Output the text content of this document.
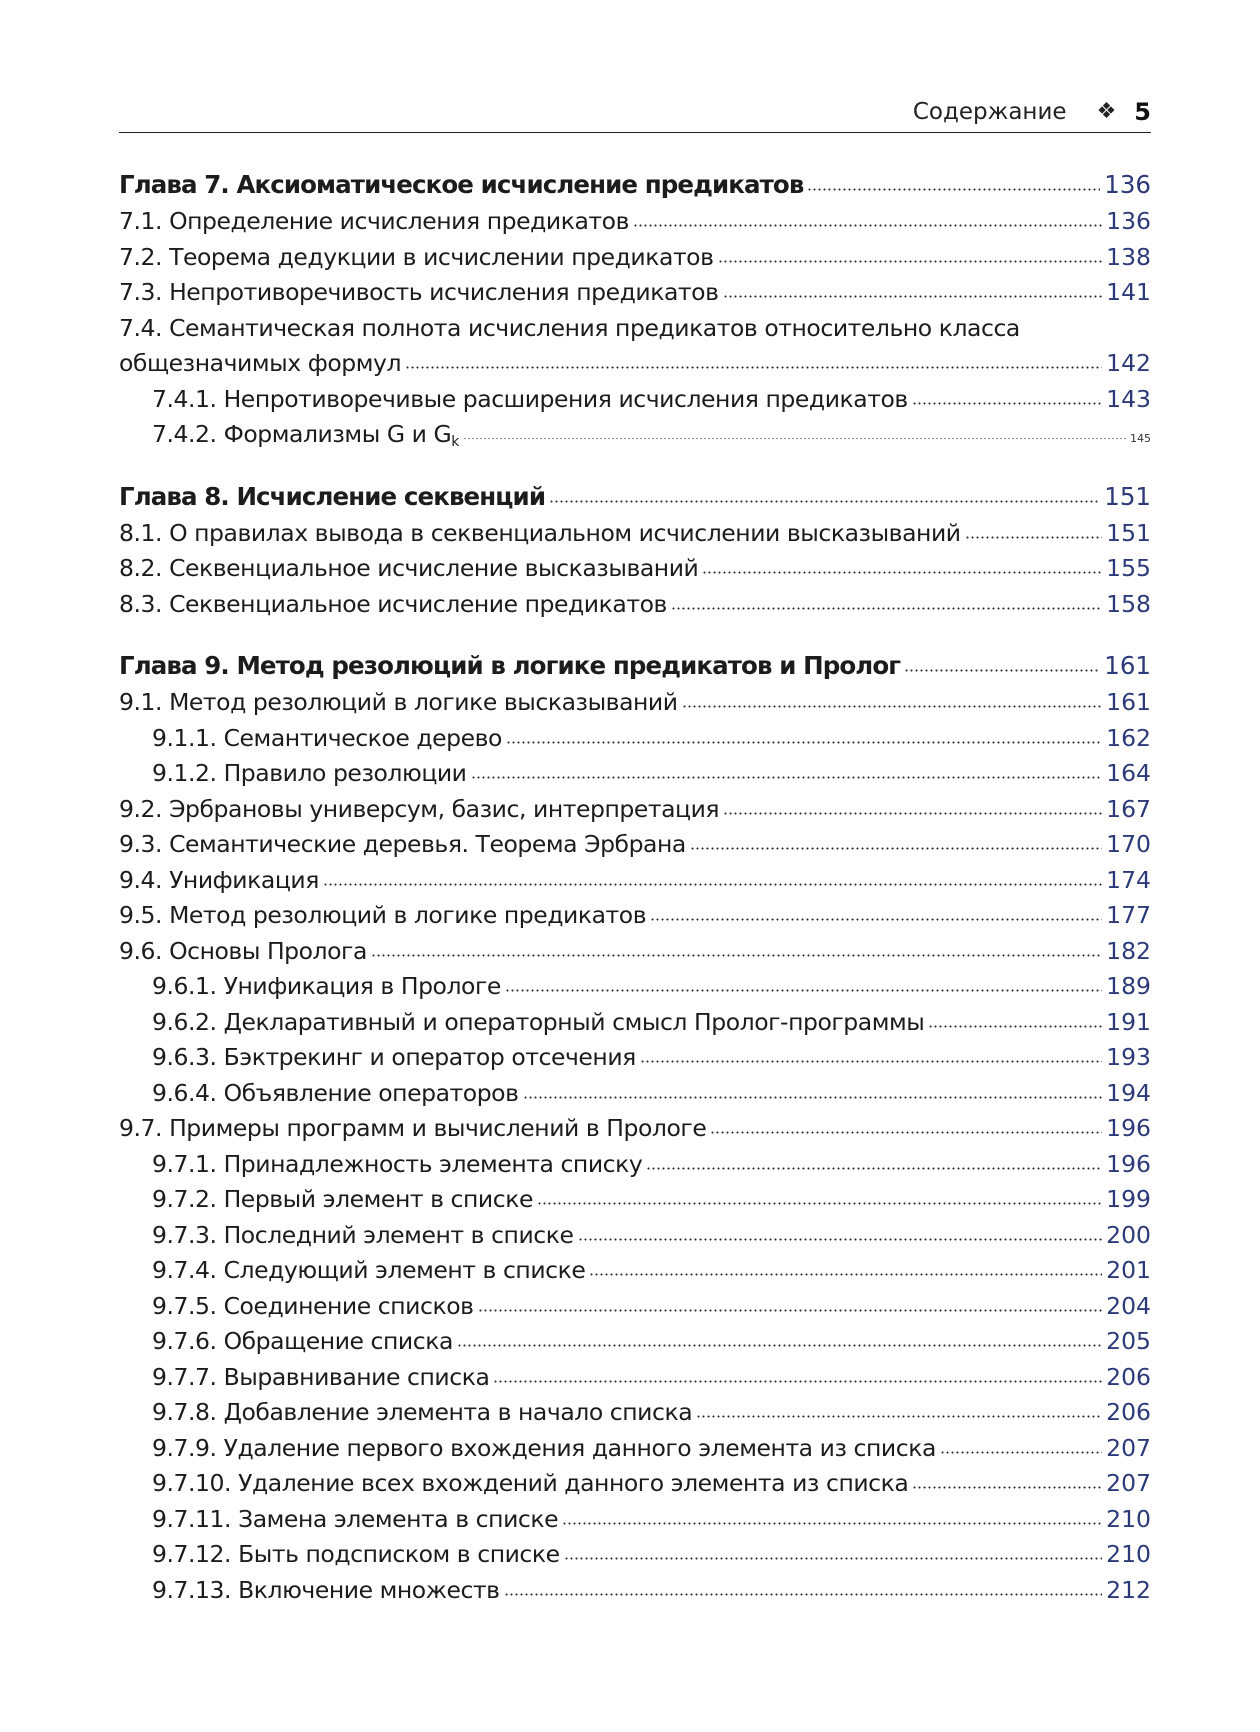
Содержание ❖ 5
Глава 7. Аксиоматическое исчисление предикатов	136
7.1. Определение исчисления предикатов	136
7.2. Теорема дедукции в исчислении предикатов	138
7.3. Непротиворечивость исчисления предикатов	141
7.4. Семантическая полнота исчисления предикатов относительно класса
общезначимых формул	142
7.4.1. Непротиворечивые расширения исчисления предикатов	143
7.4.2. Формализмы G и $G_k$	145
Глава 8. Исчисление секвенций	151
8.1. О правилах вывода в секвенциальном исчислении высказываний	151
8.2. Секвенциальное исчисление высказываний	155
8.3. Секвенциальное исчисление предикатов	158
Глава 9. Метод резолюций в логике предикатов и Пролог	161
9.1. Метод резолюций в логике высказываний	161
9.1.1. Семантическое дерево	162
9.1.2. Правило резолюции	164
9.2. Эрбрановы универсум, базис, интерпретация	167
9.3. Семантические деревья. Теорема Эрбрана	170
9.4. Унификация	174
9.5. Метод резолюций в логике предикатов	177
9.6. Основы Пролога	182
9.6.1. Унификация в Прологе	189
9.6.2. Декларативный и операторный смысл Пролог-программы	191
9.6.3. Бэктрекинг и оператор отсечения	193
9.6.4. Объявление операторов	194
9.7. Примеры программ и вычислений в Прологе	196
9.7.1. Принадлежность элемента списку	196
9.7.2. Первый элемент в списке	199
9.7.3. Последний элемент в списке	200
9.7.4. Следующий элемент в списке	201
9.7.5. Соединение списков	204
9.7.6. Обращение списка	205
9.7.7. Выравнивание списка	206
9.7.8. Добавление элемента в начало списка	206
9.7.9. Удаление первого вхождения данного элемента из списка	207
9.7.10. Удаление всех вхождений данного элемента из списка	207
9.7.11. Замена элемента в списке	210
9.7.12. Быть подсписком в списке	210
9.7.13. Включение множеств	212
